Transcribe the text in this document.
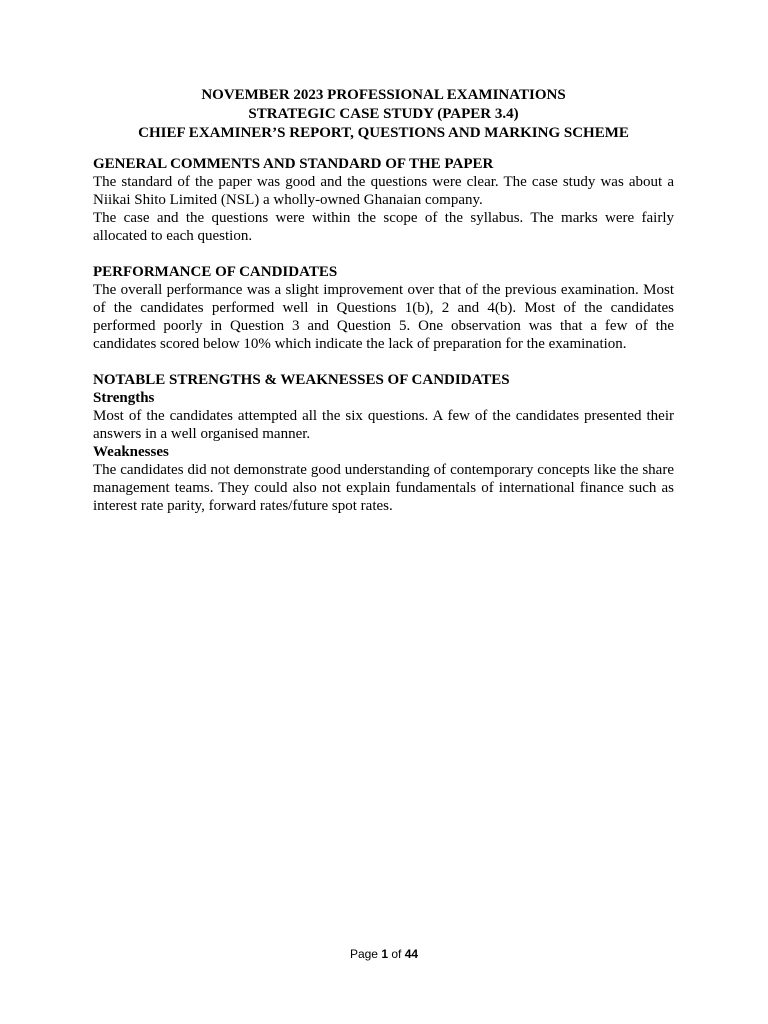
NOVEMBER 2023 PROFESSIONAL EXAMINATIONS
STRATEGIC CASE STUDY (PAPER 3.4)
CHIEF EXAMINER’S REPORT, QUESTIONS AND MARKING SCHEME
GENERAL COMMENTS AND STANDARD OF THE PAPER

The standard of the paper was good and the questions were clear. The case study was about a Niikai Shito Limited (NSL) a wholly-owned Ghanaian company.

The case and the questions were within the scope of the syllabus. The marks were fairly allocated to each question.

PERFORMANCE OF CANDIDATES

The overall performance was a slight improvement over that of the previous examination. Most of the candidates performed well in Questions 1(b), 2 and 4(b). Most of the candidates performed poorly in Question 3 and Question 5. One observation was that a few of the candidates scored below 10% which indicate the lack of preparation for the examination.

NOTABLE STRENGTHS & WEAKNESSES OF CANDIDATES
Strengths

Most of the candidates attempted all the six questions. A few of the candidates presented their answers in a well organised manner.

Weaknesses

The candidates did not demonstrate good understanding of contemporary concepts like the share management teams. They could also not explain fundamentals of international finance such as interest rate parity, forward rates/future spot rates.

Page 1 of 44
